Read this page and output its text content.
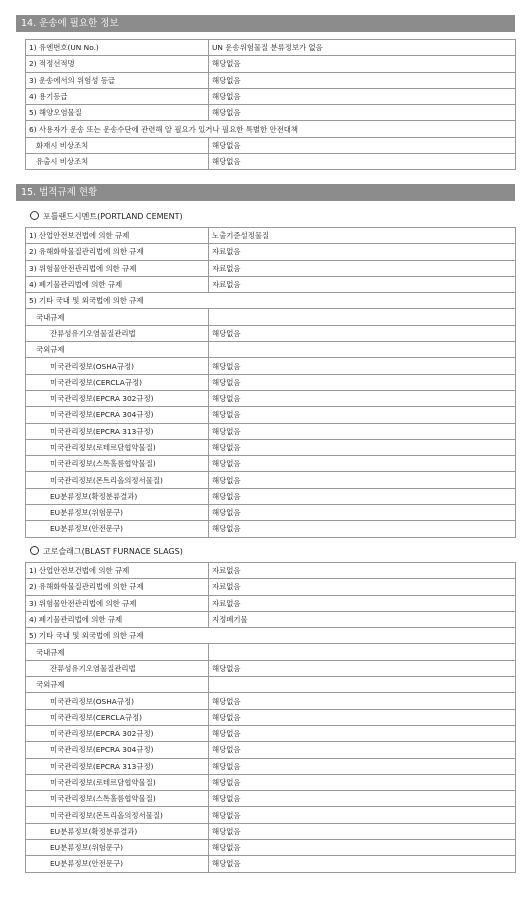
14. 운송에 필요한 정보
1) 유엔번호(UN No.)	UN 운송위험물질 분류정보가 없음
2) 적정선적명	해당없음
3) 운송에서의 위험성 등급	해당없음
4) 용기등급	해당없음
5) 해양오염물질	해당없음
6) 사용자가 운송 또는 운송수단에 관련해 알 필요가 있거나 필요한 특별한 안전대책	
화재시 비상조치	해당없음
유출시 비상조치	해당없음
15. 법적규제 현황
포틀랜드시멘트(PORTLAND CEMENT)
1) 산업안전보건법에 의한 규제	노출기준설정물질
2) 유해화학물질관리법에 의한 규제	자료없음
3) 위험물안전관리법에 의한 규제	자료없음
4) 폐기물관리법에 의한 규제	자료없음
5) 기타 국내 및 외국법에 의한 규제	
국내규제	
잔류성유기오염물질관리법	해당없음
국외규제	
미국관리정보(OSHA규정)	해당없음
미국관리정보(CERCLA규정)	해당없음
미국관리정보(EPCRA 302규정)	해당없음
미국관리정보(EPCRA 304규정)	해당없음
미국관리정보(EPCRA 313규정)	해당없음
미국관리정보(로테르담협약물질)	해당없음
미국관리정보(스톡홀름협약물질)	해당없음
미국관리정보(몬트리올의정서물질)	해당없음
EU분류정보(확정분류결과)	해당없음
EU분류정보(위험문구)	해당없음
EU분류정보(안전문구)	해당없음
고로슬래그(BLAST FURNACE SLAGS)
1) 산업안전보건법에 의한 규제	자료없음
2) 유해화학물질관리법에 의한 규제	자료없음
3) 위험물안전관리법에 의한 규제	자료없음
4) 폐기물관리법에 의한 규제	지정폐기물
5) 기타 국내 및 외국법에 의한 규제	
국내규제	
잔류성유기오염물질관리법	해당없음
국외규제	
미국관리정보(OSHA규정)	해당없음
미국관리정보(CERCLA규정)	해당없음
미국관리정보(EPCRA 302규정)	해당없음
미국관리정보(EPCRA 304규정)	해당없음
미국관리정보(EPCRA 313규정)	해당없음
미국관리정보(로테르담협약물질)	해당없음
미국관리정보(스톡홀름협약물질)	해당없음
미국관리정보(몬트리올의정서물질)	해당없음
EU분류정보(확정분류결과)	해당없음
EU분류정보(위험문구)	해당없음
EU분류정보(안전문구)	해당없음
